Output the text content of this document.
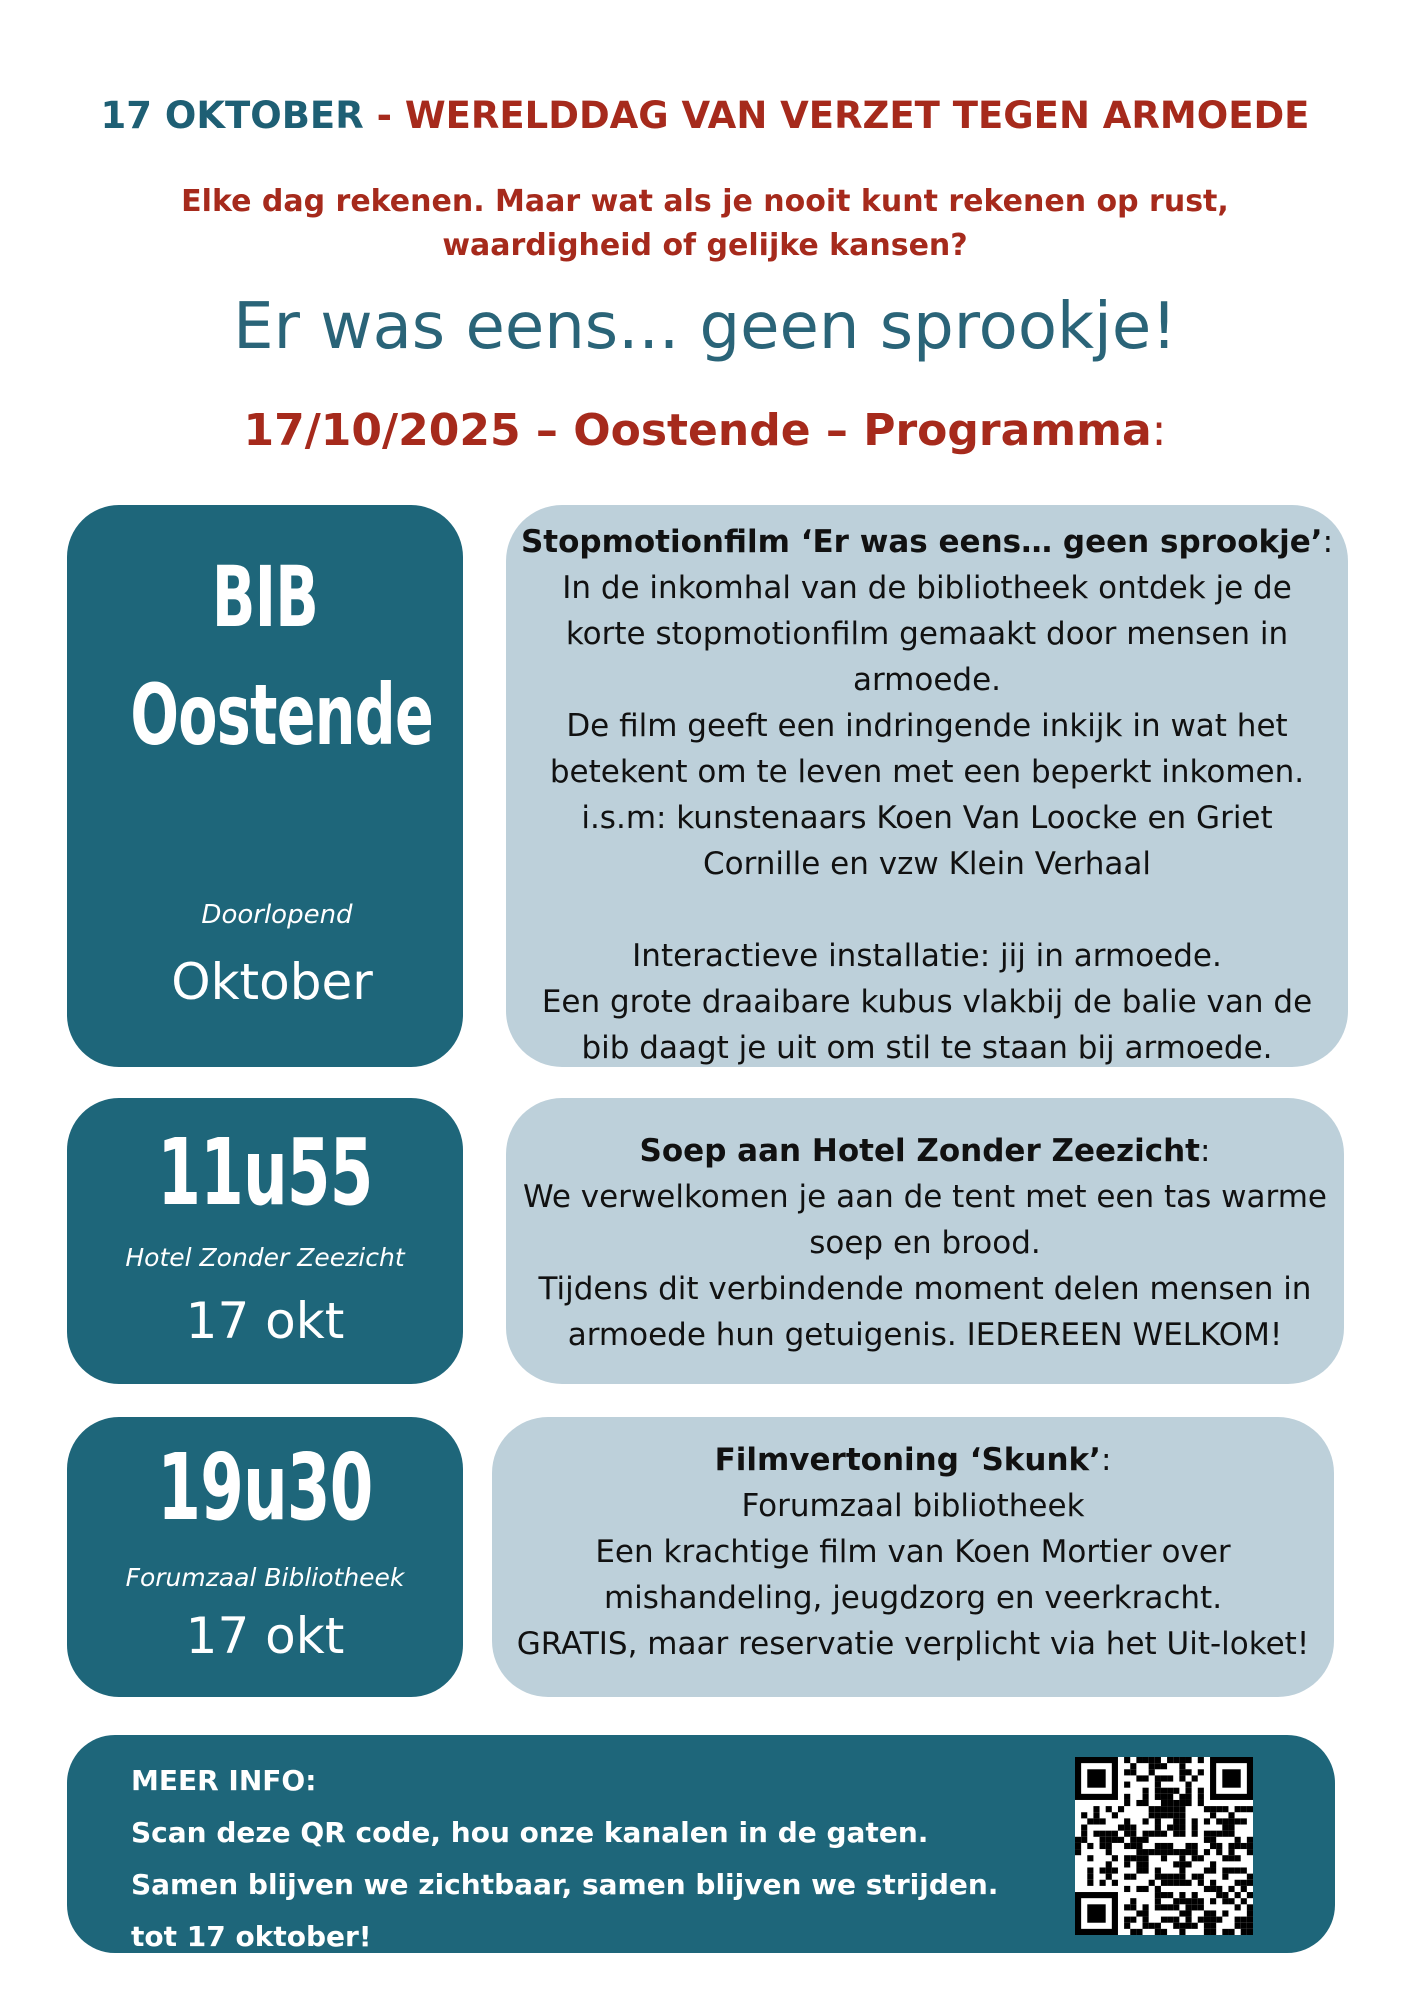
17 OKTOBER - WERELDDAG VAN VERZET TEGEN ARMOEDE
Elke dag rekenen. Maar wat als je nooit kunt rekenen op rust,
waardigheid of gelijke kansen?
Er was eens... geen sprookje!
17/10/2025 – Oostende – Programma:
BIB
Oostende
Doorlopend
Oktober
Stopmotionfilm ‘Er was eens… geen sprookje’:
In de inkomhal van de bibliotheek ontdek je de
korte stopmotionfilm gemaakt door mensen in
armoede.
De film geeft een indringende inkijk in wat het
betekent om te leven met een beperkt inkomen.
i.s.m: kunstenaars Koen Van Loocke en Griet
Cornille en vzw Klein Verhaal
Interactieve installatie: jij in armoede.
Een grote draaibare kubus vlakbij de balie van de
bib daagt je uit om stil te staan bij armoede.
11u55
Hotel Zonder Zeezicht
17 okt
Soep aan Hotel Zonder Zeezicht:
We verwelkomen je aan de tent met een tas warme
soep en brood.
Tijdens dit verbindende moment delen mensen in
armoede hun getuigenis. IEDEREEN WELKOM!
19u30
Forumzaal Bibliotheek
17 okt
Filmvertoning ‘Skunk’:
Forumzaal bibliotheek
Een krachtige film van Koen Mortier over
mishandeling, jeugdzorg en veerkracht.
GRATIS, maar reservatie verplicht via het Uit-loket!
MEER INFO:
Scan deze QR code, hou onze kanalen in de gaten.
Samen blijven we zichtbaar, samen blijven we strijden.
tot 17 oktober!
